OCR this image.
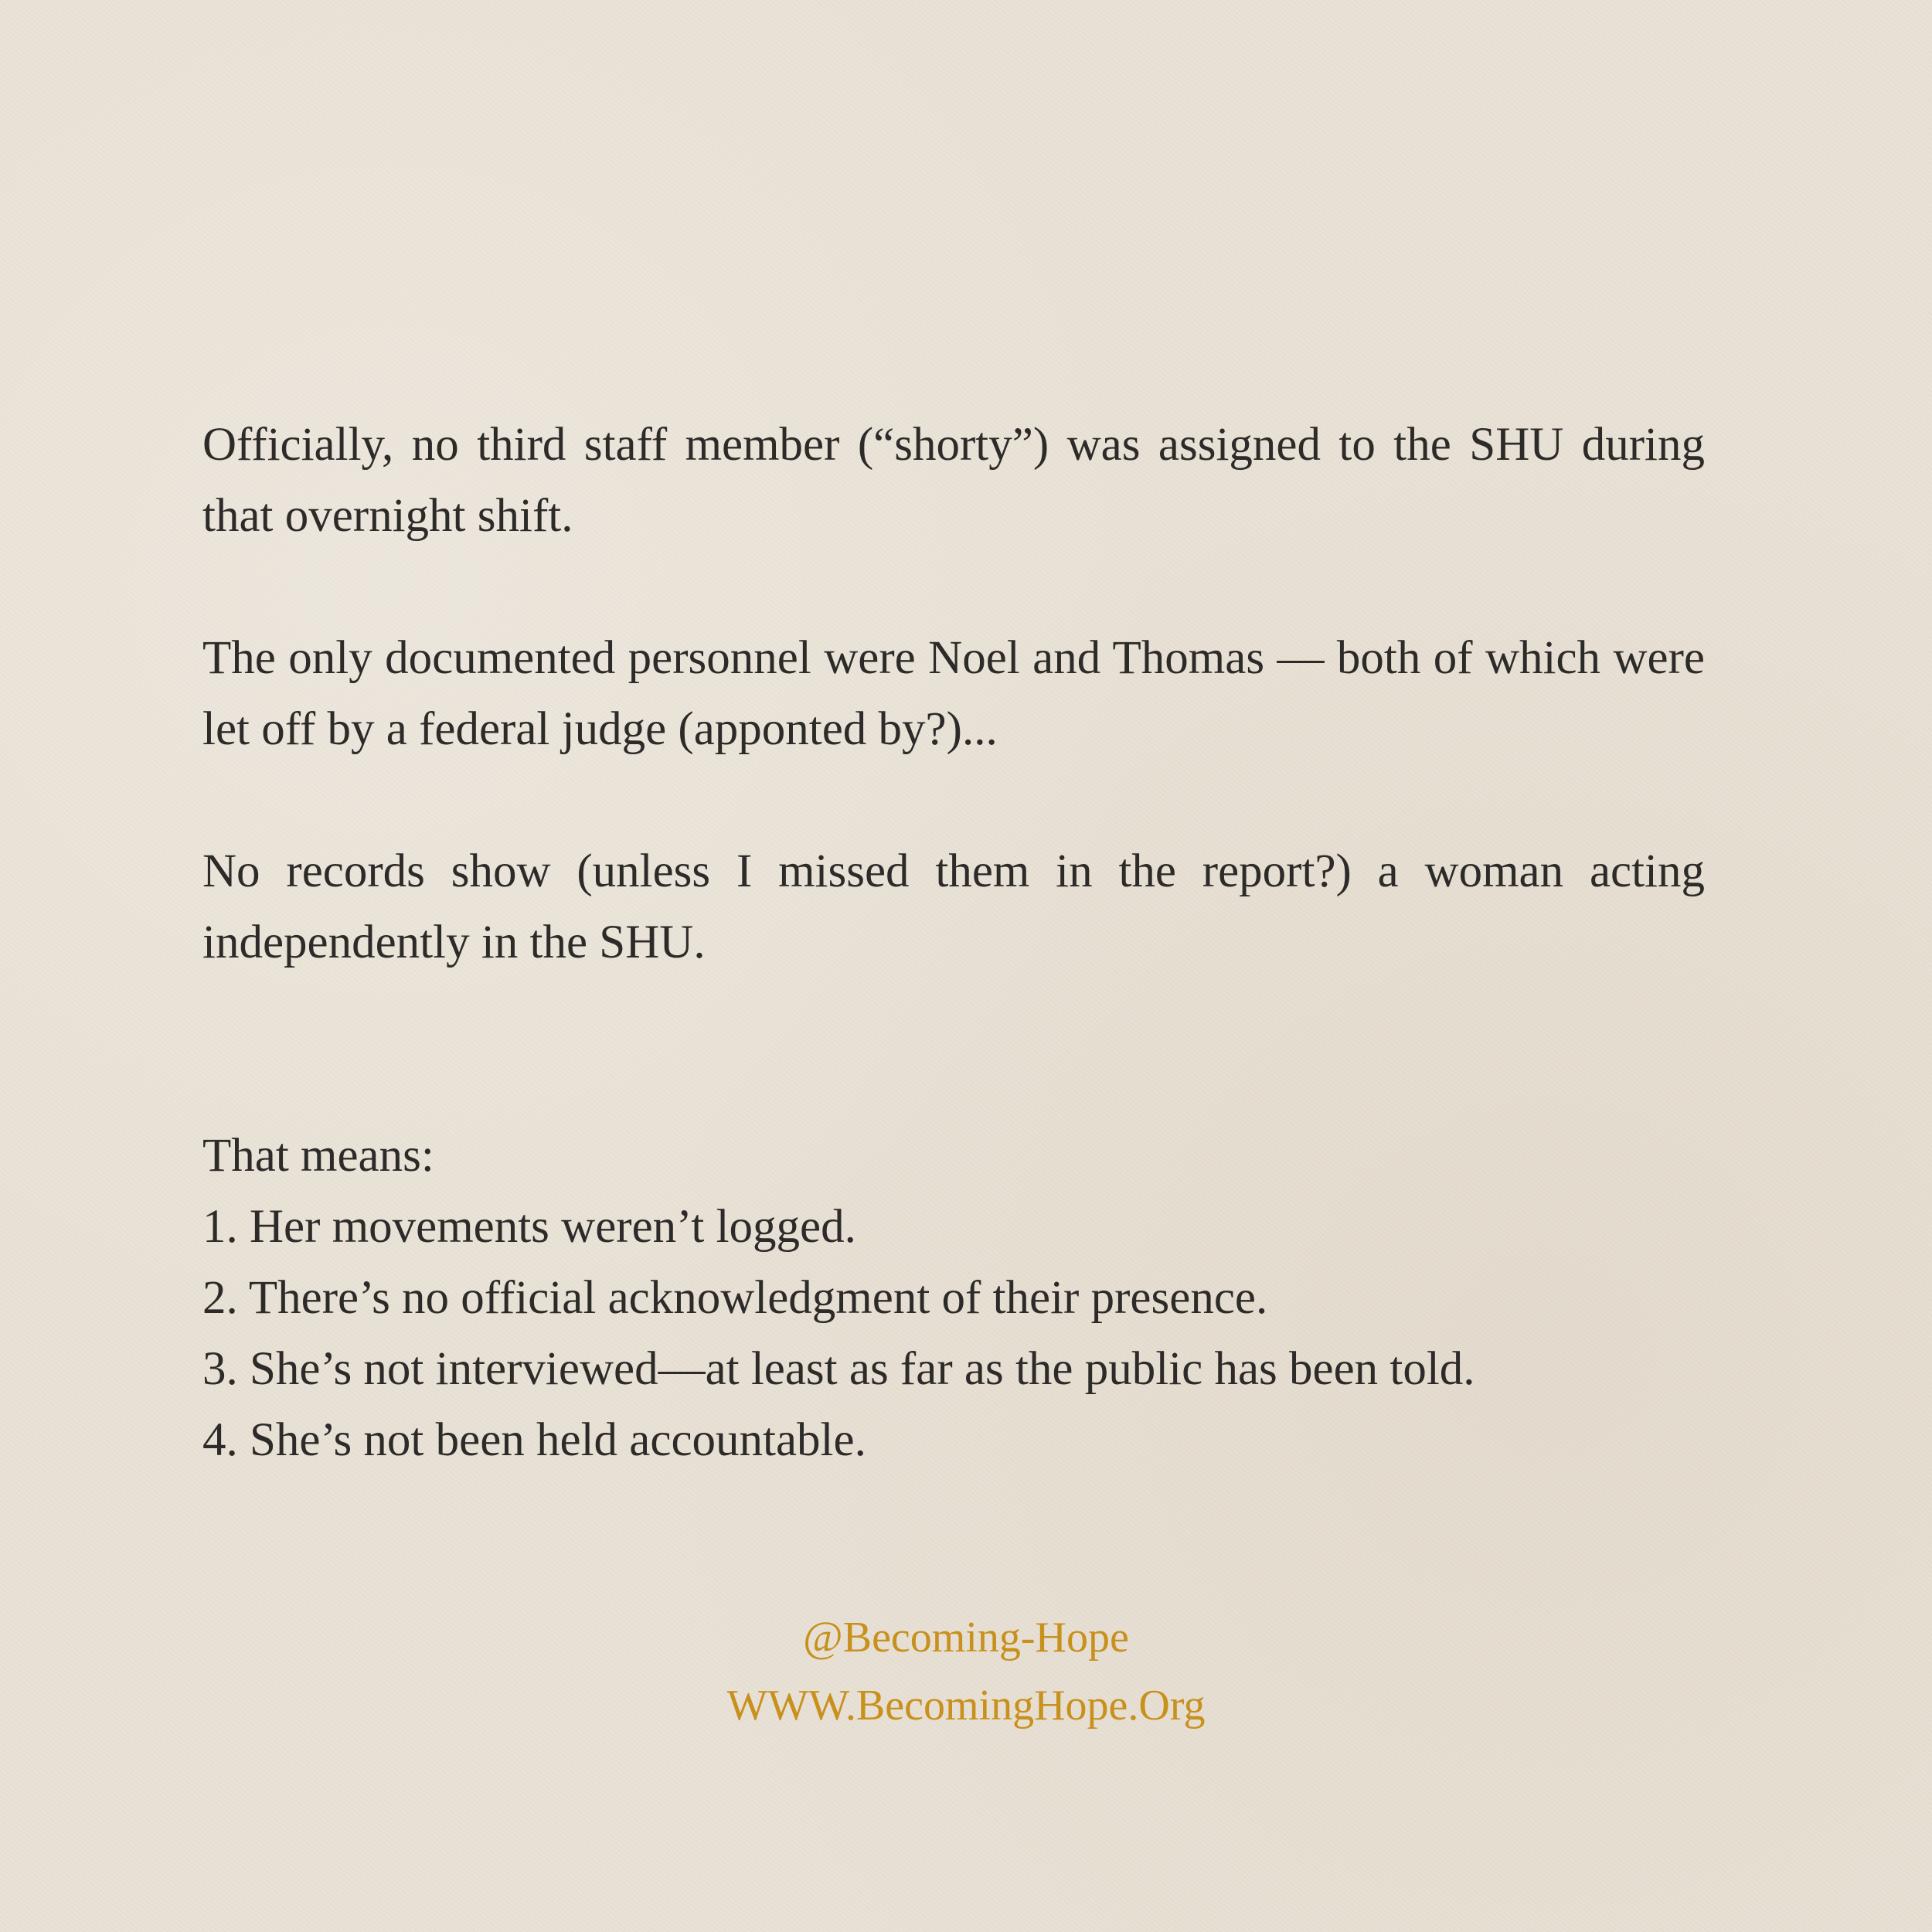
Officially, no third staff member (“shorty”) was assigned to the SHU during that overnight shift.

The only documented personnel were Noel and Thomas — both of which were let off by a federal judge (apponted by?)...

No records show (unless I missed them in the report?) a woman acting independently in the SHU.

That means:

1. Her movements weren’t logged.
2. There’s no official acknowledgment of their presence.
3. She’s not interviewed—at least as far as the public has been told.
4. She’s not been held accountable.
@Becoming-Hope
WWW.BecomingHope.Org
